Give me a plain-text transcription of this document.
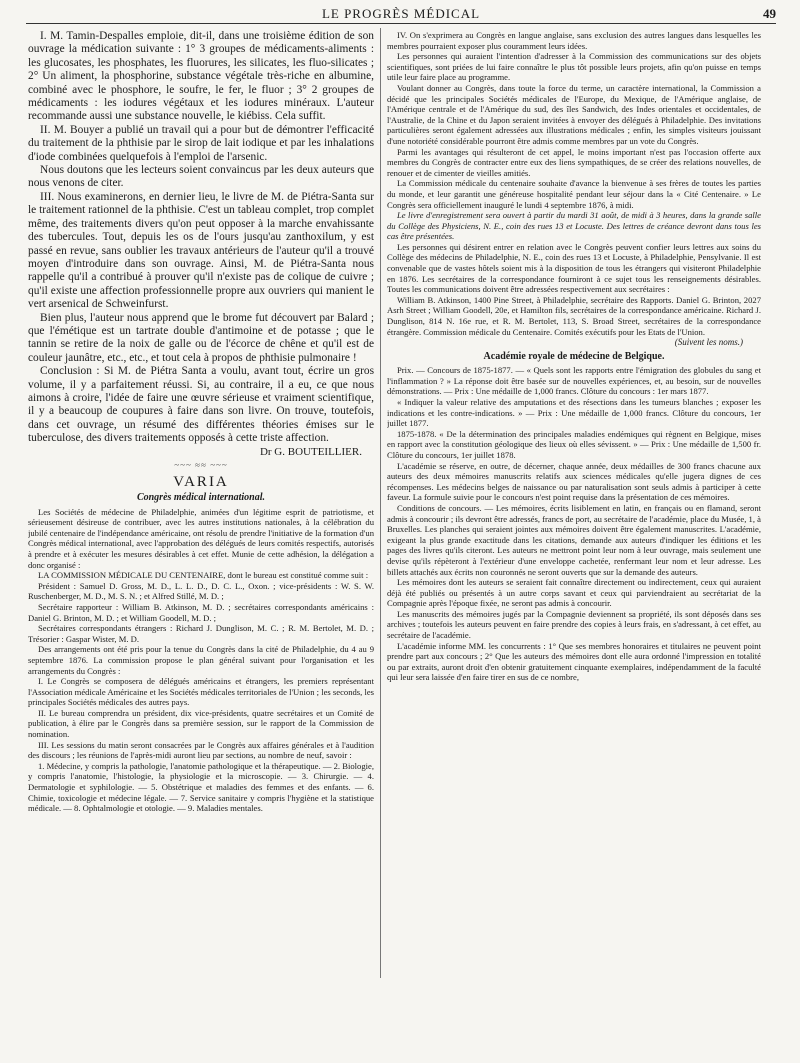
LE PROGRÈS MÉDICAL	49

I. M. Tamin-Despalles emploie, dit-il, dans une troisième édition de son ouvrage la médication suivante : 1° 3 groupes de médicaments-aliments : les glucosates, les phosphates, les fluorures, les silicates, les fluo-silicates ; 2° Un aliment, la phosphorine, substance végétale très-riche en albumine, combiné avec le phosphore, le soufre, le fer, le fluor ; 3° 2 groupes de médicaments : les iodures végétaux et les iodures minéraux. L'auteur recommande aussi une substance nouvelle, le kiébiss. Cela suffit.

II. M. Bouyer a publié un travail qui a pour but de démontrer l'efficacité du traitement de la phthisie par le sirop de lait iodique et par les inhalations d'iode combinées quelquefois à l'emploi de l'arsenic.

Nous doutons que les lecteurs soient convaincus par les deux auteurs que nous venons de citer.

III. Nous examinerons, en dernier lieu, le livre de M. de Piétra-Santa sur le traitement rationnel de la phthisie. C'est un tableau complet, trop complet même, des traitements divers qu'on peut opposer à la marche envahissante des tubercules. Tout, depuis les os de l'ours jusqu'au zanthoxilum, y est passé en revue, sans oublier les travaux antérieurs de l'auteur qu'il a trouvé moyen d'introduire dans son ouvrage. Ainsi, M. de Piétra-Santa nous rappelle qu'il a contribué à prouver qu'il n'existe pas de colique de cuivre ; qu'il existe une affection professionnelle propre aux ouvriers qui manient le vert arsenical de Schweinfurst.

Bien plus, l'auteur nous apprend que le brome fut découvert par Balard ; que l'émétique est un tartrate double d'antimoine et de potasse ; que le tannin se retire de la noix de galle ou de l'écorce de chêne et qu'il est de couleur jaunâtre, etc., etc., et tout cela à propos de phthisie pulmonaire !

Conclusion : Si M. de Piétra Santa a voulu, avant tout, écrire un gros volume, il y a parfaitement réussi. Si, au contraire, il a eu, ce que nous aimons à croire, l'idée de faire une œuvre sérieuse et vraiment scientifique, il y a beaucoup de coupures à faire dans son livre. On trouve, toutefois, dans cet ouvrage, un résumé des différentes théories émises sur le tuberculose, des divers traitements opposés à cette triste affection.

Dr G. BOUTEILLIER.
~~~ ≈≈ ~~~
VARIA
Congrès médical international.

Les Sociétés de médecine de Philadelphie, animées d'un légitime esprit de patriotisme, et sérieusement désireuse de contribuer, avec les autres institutions nationales, à la célébration du jubilé centenaire de l'indépendance américaine, ont résolu de prendre l'initiative de la formation d'un Congrès médical international, avec l'approbation des délégués de leurs comités respectifs, autorisés à prendre et à exécuter les mesures désirables à cet effet. Munie de cette adhésion, la délégation a donc organisé :

LA COMMISSION MÉDICALE DU CENTENAIRE, dont le bureau est constitué comme suit :

Président : Samuel D. Gross, M. D., L. L. D., D. C. L., Oxon. ; vice-présidents : W. S. W. Ruschenberger, M. D., M. S. N. ; et Alfred Stillé, M. D. ;

Secrétaire rapporteur : William B. Atkinson, M. D. ; secrétaires correspondants américains : Daniel G. Brinton, M. D. ; et William Goodell, M. D. ;

Secrétaires correspondants étrangers : Richard J. Dunglison, M. C. ; R. M. Bertolet, M. D. ; Trésorier : Gaspar Wister, M. D.

Des arrangements ont été pris pour la tenue du Congrès dans la cité de Philadelphie, du 4 au 9 septembre 1876. La commission propose le plan général suivant pour l'organisation et les arrangements du Congrès :

I. Le Congrès se composera de délégués américains et étrangers, les premiers représentant l'Association médicale Américaine et les Sociétés médicales territoriales de l'Union ; les seconds, les principales Sociétés médicales des autres pays.

II. Le bureau comprendra un président, dix vice-présidents, quatre secrétaires et un Comité de publication, à élire par le Congrès dans sa première session, sur le rapport de la Commission de nomination.

III. Les sessions du matin seront consacrées par le Congrès aux affaires générales et à l'audition des discours ; les réunions de l'après-midi auront lieu par sections, au nombre de neuf, savoir :

1. Médecine, y compris la pathologie, l'anatomie pathologique et la thérapeutique. — 2. Biologie, y compris l'anatomie, l'histologie, la physiologie et la microscopie. — 3. Chirurgie. — 4. Dermatologie et syphilologie. — 5. Obstétrique et maladies des femmes et des enfants. — 6. Chimie, toxicologie et médecine légale. — 7. Service sanitaire y compris l'hygiène et la statistique médicale. — 8. Ophtalmologie et otologie. — 9. Maladies mentales.

IV. On s'exprimera au Congrès en langue anglaise, sans exclusion des autres langues dans lesquelles les membres pourraient exposer plus couramment leurs idées.

Les personnes qui auraient l'intention d'adresser à la Commission des communications sur des objets scientifiques, sont priées de lui faire connaître le plus tôt possible leurs projets, afin qu'on puisse en temps utile leur faire place au programme.

Voulant donner au Congrès, dans toute la force du terme, un caractère international, la Commission a décidé que les principales Sociétés médicales de l'Europe, du Mexique, de l'Amérique anglaise, de l'Amérique centrale et de l'Amérique du sud, des îles Sandwich, des Indes orientales et occidentales, de l'Australie, de la Chine et du Japon seraient invitées à envoyer des délégués à Philadelphie. Des invitations particulières seront également adressées aux illustrations médicales ; enfin, les simples visiteurs jouissant d'une notoriété considérable pourront être admis comme membres par un vote du Congrès.

Parmi les avantages qui résulteront de cet appel, le moins important n'est pas l'occasion offerte aux membres du Congrès de contracter entre eux des liens sympathiques, de se créer des relations nouvelles, de renouer et de cimenter de vieilles amitiés.

La Commission médicale du centenaire souhaite d'avance la bienvenue à ses frères de toutes les parties du monde, et leur garantit une généreuse hospitalité pendant leur séjour dans la « Cité Centenaire. » Le Congrès sera officiellement inauguré le lundi 4 septembre 1876, à midi.

Le livre d'enregistrement sera ouvert à partir du mardi 31 août, de midi à 3 heures, dans la grande salle du Collège des Physiciens, N. E., coin des rues 13 et Locuste. Des lettres de créance devront dans tous les cas être présentées.

Les personnes qui désirent entrer en relation avec le Congrès peuvent confier leurs lettres aux soins du Collège des médecins de Philadelphie, N. E., coin des rues 13 et Locuste, à Philadelphie, Pensylvanie. Il est convenable que de vastes hôtels soient mis à la disposition de tous les étrangers qui visiteront Philadelphie en 1876. Les secrétaires de la correspondance fourniront à ce sujet tous les renseignements désirables. Toutes les communications doivent être adressées respectivement aux secrétaires :

William B. Atkinson, 1400 Pine Street, à Philadelphie, secrétaire des Rapports. Daniel G. Brinton, 2027 Asrh Street ; William Goodell, 20e, et Hamilton fils, secrétaires de la correspondance américaine. Richard J. Dunglison, 814 N. 16e rue, et R. M. Bertolet, 113, S. Broad Street, secrétaires de la correspondance étrangère. Commission médicale du Centenaire. Comités exécutifs pour les Etats de l'Union.

(Suivent les noms.)
Académie royale de médecine de Belgique.

Prix. — Concours de 1875-1877. — « Quels sont les rapports entre l'émigration des globules du sang et l'inflammation ? » La réponse doit être basée sur de nouvelles expériences, et, au besoin, sur de nouvelles démonstrations. — Prix : Une médaille de 1,000 francs. Clôture du concours : 1er mars 1877.

« Indiquer la valeur relative des amputations et des résections dans les tumeurs blanches ; exposer les indications et les contre-indications. » — Prix : Une médaille de 1,000 francs. Clôture du concours, 1er juillet 1877.

1875-1878. « De la détermination des principales maladies endémiques qui règnent en Belgique, mises en rapport avec la constitution géologique des lieux où elles sévissent. » — Prix : Une médaille de 1,500 fr. Clôture du concours, 1er juillet 1878.

L'académie se réserve, en outre, de décerner, chaque année, deux médailles de 300 francs chacune aux auteurs des deux mémoires manuscrits relatifs aux sciences médicales qu'elle jugera dignes de ces récompenses. Les médecins belges de naissance ou par naturalisation sont seuls admis à participer à cette faveur. La formule suivie pour le concours n'est point requise dans la présentation de ces mémoires.

Conditions de concours. — Les mémoires, écrits lisiblement en latin, en français ou en flamand, seront admis à concourir ; ils devront être adressés, francs de port, au secrétaire de l'académie, place du Musée, 1, à Bruxelles. Les planches qui seraient jointes aux mémoires doivent être également manuscrites. L'académie, exigeant la plus grande exactitude dans les citations, demande aux auteurs d'indiquer les éditions et les pages des livres qu'ils citeront. Les auteurs ne mettront point leur nom à leur ouvrage, mais seulement une devise qu'ils répèteront à l'extérieur d'une enveloppe cachetée, renfermant leur nom et leur adresse. Les billets attachés aux écrits non couronnés ne seront ouverts que sur la demande des auteurs.

Les mémoires dont les auteurs se seraient fait connaître directement ou indirectement, ceux qui auraient déjà été publiés ou présentés à un autre corps savant et ceux qui parviendraient au secrétariat de la Compagnie après l'époque fixée, ne seront pas admis à concourir.

Les manuscrits des mémoires jugés par la Compagnie deviennent sa propriété, ils sont déposés dans ses archives ; toutefois les auteurs peuvent en faire prendre des copies à leurs frais, en s'adressant, à cet effet, au secrétaire de l'académie.

L'académie informe MM. les concurrents : 1° Que ses membres honoraires et titulaires ne peuvent point prendre part aux concours ; 2° Que les auteurs des mémoires dont elle aura ordonné l'impression en totalité ou par extraits, auront droit d'en obtenir gratuitement cinquante exemplaires, indépendamment de la faculté qui leur sera laissée d'en faire tirer en sus de ce nombre,
